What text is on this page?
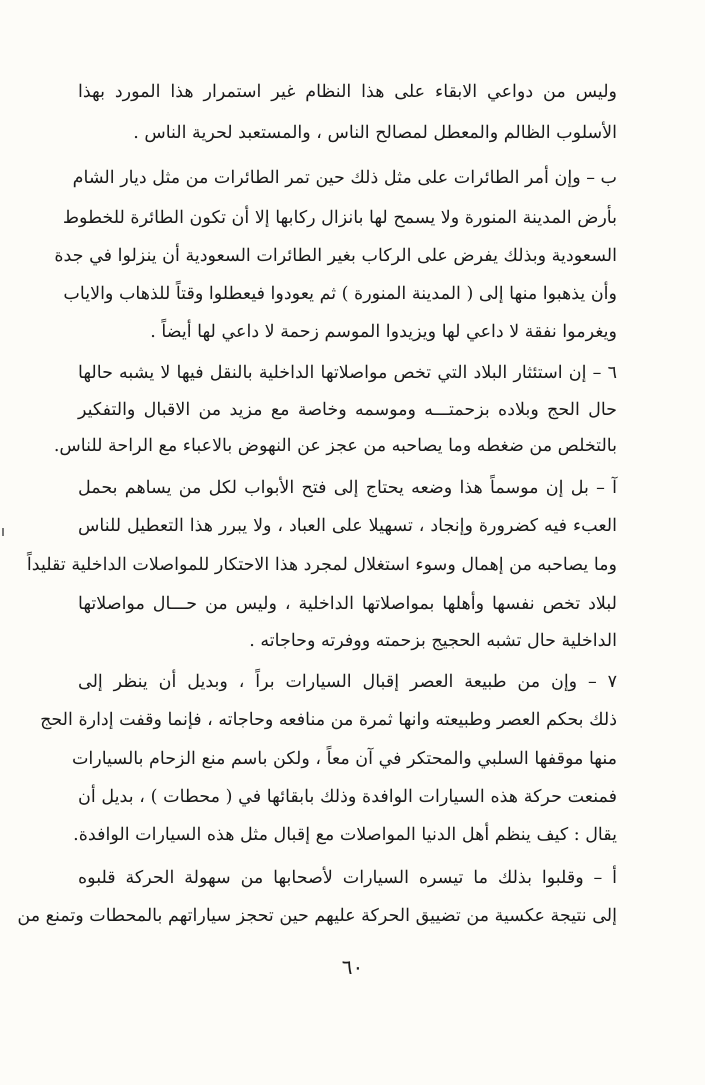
وليس من دواعي الابقاء على هذا النظام غير استمرار هذا المورد بهذا
الأسلوب الظالم والمعطل لمصالح الناس ، والمستعبد لحرية الناس .
ب – وإن أمر الطائرات على مثل ذلك حين تمر الطائرات من مثل ديار الشام
بأرض المدينة المنورة ولا يسمح لها بانزال ركابها إلا أن تكون الطائرة للخطوط
السعودية وبذلك يفرض على الركاب بغير الطائرات السعودية أن ينزلوا في جدة
وأن يذهبوا منها إلى ( المدينة المنورة ) ثم يعودوا فيعطلوا وقتاً للذهاب والاياب
ويغرموا نفقة لا داعي لها ويزيدوا الموسم زحمة لا داعي لها أيضاً .
٦ – إن استئثار البلاد التي تخص مواصلاتها الداخلية بالنقل فيها لا يشبه حالها
حال الحج وبلاده بزحمتـــه وموسمه وخاصة مع مزيد من الاقبال والتفكير
بالتخلص من ضغطه وما يصاحبه من عجز عن النهوض بالاعباء مع الراحة للناس.
آ – بل إن موسماً هذا وضعه يحتاج إلى فتح الأبواب لكل من يساهم بحمل
العبء فيه كضرورة وإنجاد ، تسهيلا على العباد ، ولا يبرر هذا التعطيل للناس
وما يصاحبه من إهمال وسوء استغلال لمجرد هذا الاحتكار للمواصلات الداخلية تقليداً
لبلاد تخص نفسها وأهلها بمواصلاتها الداخلية ، وليس من حـــال مواصلاتها
الداخلية حال تشبه الحجيج بزحمته ووفرته وحاجاته .
٧ – وإن من طبيعة العصر إقبال السيارات براً ، وبديل أن ينظر إلى
ذلك بحكم العصر وطبيعته وانها ثمرة من منافعه وحاجاته ، فإنما وقفت إدارة الحج
منها موقفها السلبي والمحتكر في آن معاً ، ولكن باسم منع الزحام بالسيارات
فمنعت حركة هذه السيارات الوافدة وذلك بابقائها في ( محطات ) ، بديل أن
يقال : كيف ينظم أهل الدنيا المواصلات مع إقبال مثل هذه السيارات الوافدة.
أ – وقلبوا بذلك ما تيسره السيارات لأصحابها من سهولة الحركة قلبوه
إلى نتيجة عكسية من تضييق الحركة عليهم حين تحجز سياراتهم بالمحطات وتمنع من
٦٠
